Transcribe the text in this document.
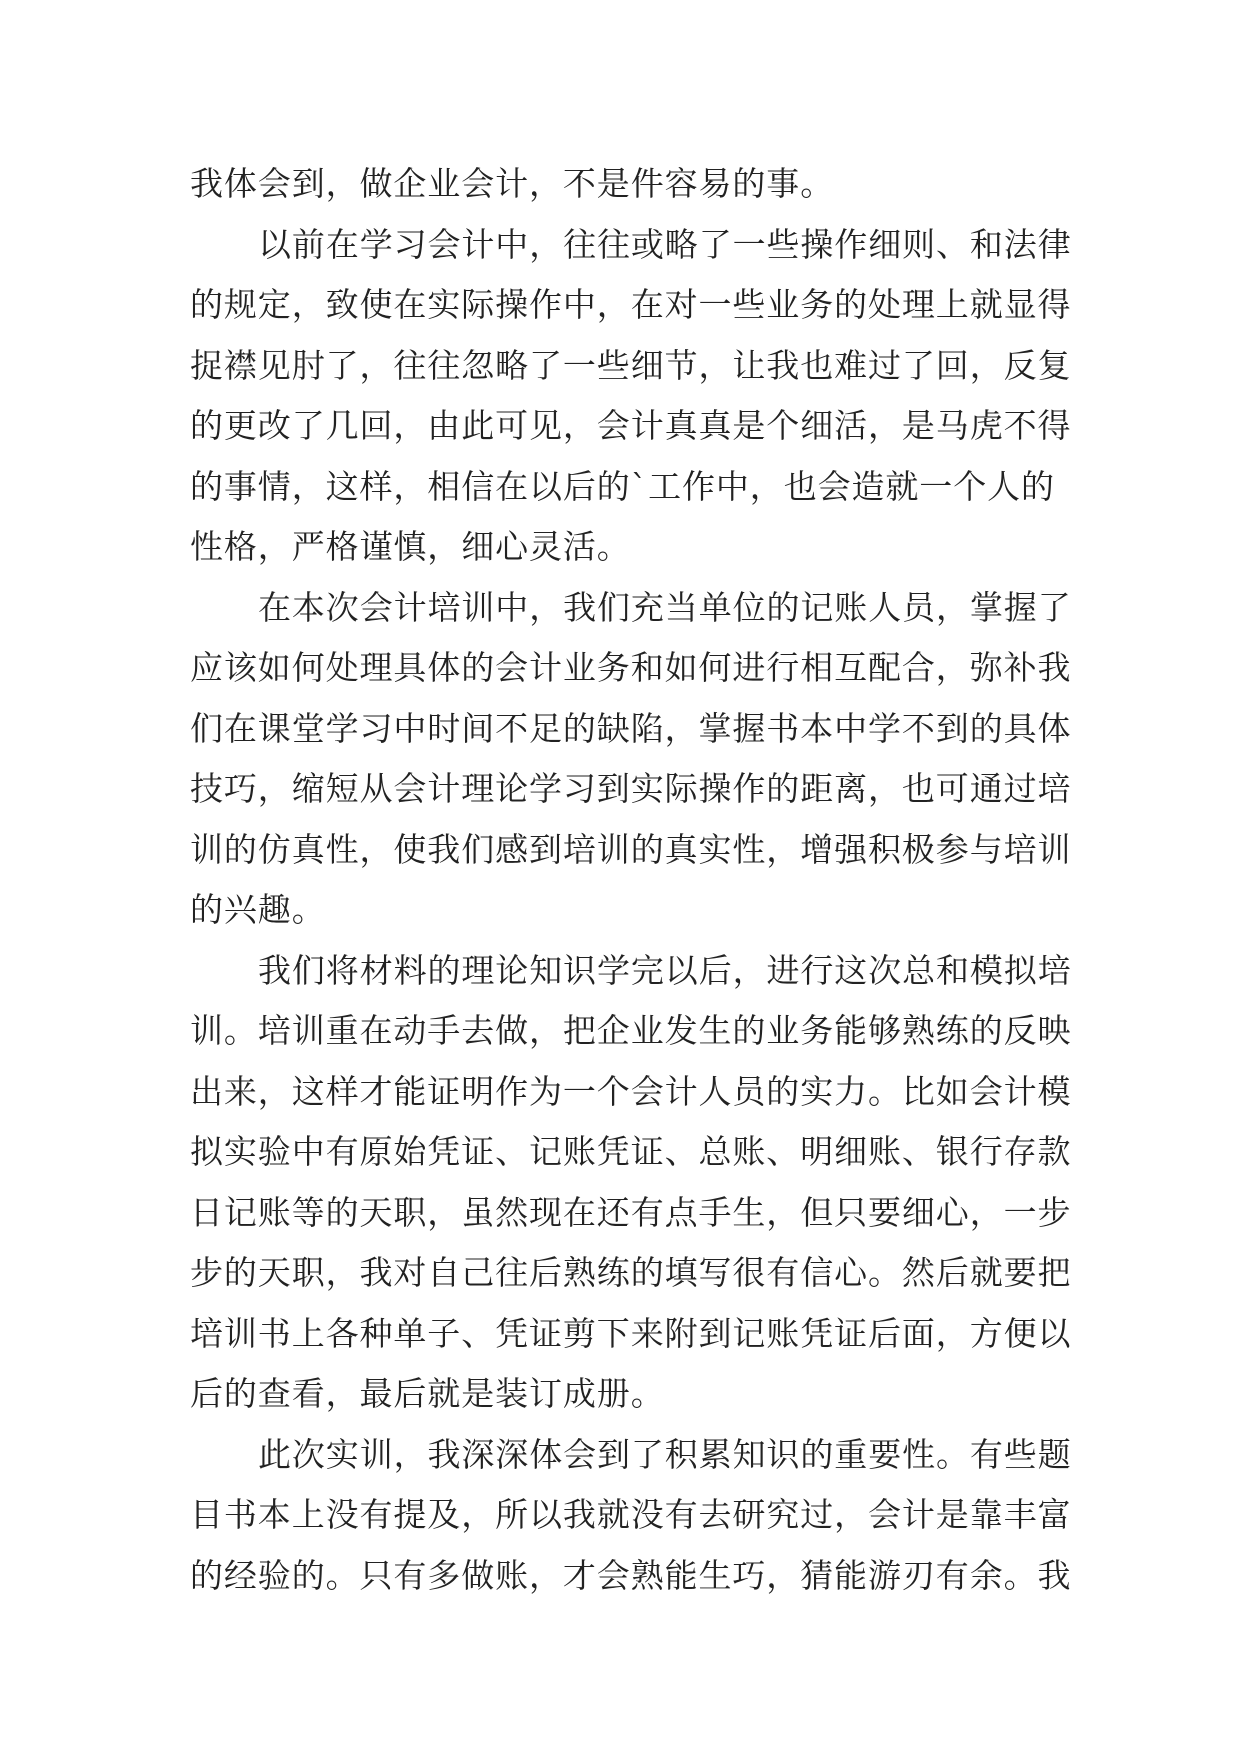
我体会到，做企业会计，不是件容易的事。
以前在学习会计中，往往或略了一些操作细则、和法律
的规定，致使在实际操作中，在对一些业务的处理上就显得
捉襟见肘了，往往忽略了一些细节，让我也难过了回，反复
的更改了几回，由此可见，会计真真是个细活，是马虎不得
的事情，这样，相信在以后的`工作中，也会造就一个人的
性格，严格谨慎，细心灵活。
在本次会计培训中，我们充当单位的记账人员，掌握了
应该如何处理具体的会计业务和如何进行相互配合，弥补我
们在课堂学习中时间不足的缺陷，掌握书本中学不到的具体
技巧，缩短从会计理论学习到实际操作的距离，也可通过培
训的仿真性，使我们感到培训的真实性，增强积极参与培训
的兴趣。
我们将材料的理论知识学完以后，进行这次总和模拟培
训。培训重在动手去做，把企业发生的业务能够熟练的反映
出来，这样才能证明作为一个会计人员的实力。比如会计模
拟实验中有原始凭证、记账凭证、总账、明细账、银行存款
日记账等的天职，虽然现在还有点手生，但只要细心，一步
步的天职，我对自己往后熟练的填写很有信心。然后就要把
培训书上各种单子、凭证剪下来附到记账凭证后面，方便以
后的查看，最后就是装订成册。
此次实训，我深深体会到了积累知识的重要性。有些题
目书本上没有提及，所以我就没有去研究过，会计是靠丰富
的经验的。只有多做账，才会熟能生巧，猜能游刃有余。我
